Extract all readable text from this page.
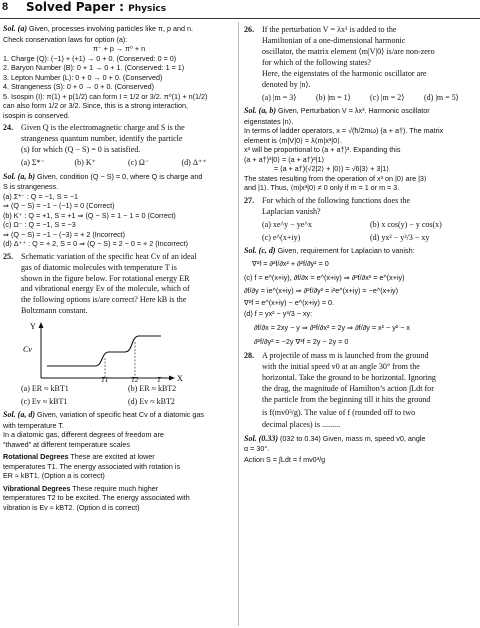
8 Solved Paper : Physics
Sol. (a) Given, processes involving particles like π, p and n.
Check conservation laws for option (a):
π⁻ + p → π⁰ + n
1. Charge (Q): (−1) + (+1) → 0 + 0. (Conserved: 0 = 0)
2. Baryon Number (B): 0 + 1 → 0 + 1. (Conserved: 1 = 1)
3. Lepton Number (L): 0 + 0 → 0 + 0. (Conserved)
4. Strangeness (S): 0 + 0 → 0 + 0. (Conserved)
5. Isospin (I): π(1) + p(1/2) can form I = 1/2 or 3/2. π⁰(1) + n(1/2)
can also form 1/2 or 3/2. Since, this is a strong interaction,
isospin is conserved.
24. Given Q is the electromagnetic charge and S is the
strangeness quantum number, identify the particle
(s) for which (Q − S) = 0 is satisfied.
(a) Σ*⁻	(b) K⁺	(c) Ω⁻	(d) Δ⁺⁺
Sol. (a, b) Given, condition (Q − S) = 0, where Q is charge and
S is strangeness.
(a) Σ*⁻ : Q = −1, S = −1
⇒ (Q − S) = −1 − (−1) = 0 (Correct)
(b) K⁺ : Q = +1, S = +1 ⇒ (Q − S) = 1 − 1 = 0 (Correct)
(c) Ω⁻ : Q = −1, S = −3
⇒ (Q − S) = −1 − (−3) = + 2 (Incorrect)
(d) Δ⁺⁺ : Q = + 2, S = 0 ⇒ (Q − S) = 2 − 0 = + 2 (Incorrect)
25. Schematic variation of the specific heat Cv of an ideal
gas of diatomic molecules with temperature T is
shown in the figure below. For rotational energy ER
and vibrational energy Ev of the molecule, which of
the following options is/are correct? Here kB is the
Boltzmann constant.
Y
Cv
X
T1	T2	T
(a) ER ≈ kBT1	(b) ER ≈ kBT2
(c) Ev ≈ kBT1	(d) Ev ≈ kBT2
Sol. (a, d) Given, variation of specific heat Cv of a diatomic gas
with temperature T.
In a diatomic gas, different degrees of freedom are
“thawed” at different temperature scales
Rotational Degrees These are excited at lower
temperatures T1. The energy associated with rotation is
ER ≈ kBT1. (Option a is correct)
Vibrational Degrees These require much higher
temperatures T2 to be excited. The energy associated with
vibration is Ev ≈ kBT2. (Option d is correct)
26. If the perturbation V = λx³ is added to the
Hamiltonian of a one-dimensional harmonic
oscillator, the matrix element ⟨m|V|0⟩ is/are non-zero
for which of the following states?
Here, the eigenstates of the harmonic oscillator are
denoted by |n⟩.
(a) |m = 3⟩	(b) |m = 1⟩	(c) |m = 2⟩	(d) |m = 5⟩
Sol. (a, b) Given, Perturbation V = λx³. Harmonic oscillator
eigenstates |n⟩.
In terms of ladder operators, x = √(ħ/2mω) (a + a†). The matrix
element is ⟨m|V|0⟩ = λ⟨m|x³|0⟩.
x³ will be proportional to (a + a†)³. Expanding this
(a + a†)³|0⟩ = (a + a†)²|1⟩
= (a + a†)(√2|2⟩ + |0⟩) = √6|3⟩ + 3|1⟩
The states resulting from the operation of x³ on |0⟩ are |3⟩
and |1⟩. Thus, ⟨m|x³|0⟩ ≠ 0 only if m = 1 or m = 3.
27. For which of the following functions does the
Laplacian vanish?
(a) xe^y − ye^x	(b) x cos(y) − y cos(x)
(c) e^(x+iy)	(d) yx² − y³/3 − xy
Sol. (c, d) Given, requirement for Laplacian to vanish:
∇²f = ∂²f/∂x² + ∂²f/∂y² = 0
(c) f = e^(x+iy), ∂f/∂x = e^(x+iy) ⇒ ∂²f/∂x² = e^(x+iy)
∂f/∂y = ie^(x+iy) ⇒ ∂²f/∂y² = i²e^(x+iy) = −e^(x+iy)
∇²f = e^(x+iy) − e^(x+iy) = 0.
(d) f = yx² − y³/3 − xy:
∂f/∂x = 2xy − y ⇒ ∂²f/∂x² = 2y ⇒ ∂f/∂y = x² − y² − x
∂²f/∂y² = −2y ∇²f = 2y − 2y = 0
28. A projectile of mass m is launched from the ground
with the initial speed v0 at an angle 30° from the
horizontal. Take the ground to be horizontal. Ignoring
the drag, the magnitude of Hamilton’s action ∫Ldt for
the particle from the beginning till it hits the ground
is f(mv0³/g). The value of f (rounded off to two
decimal places) is .........
Sol. (0.33) (032 to 0.34) Given, mass m, speed v0, angle
α = 30°.
Action S = ∫Ldt = f mv0³/g
